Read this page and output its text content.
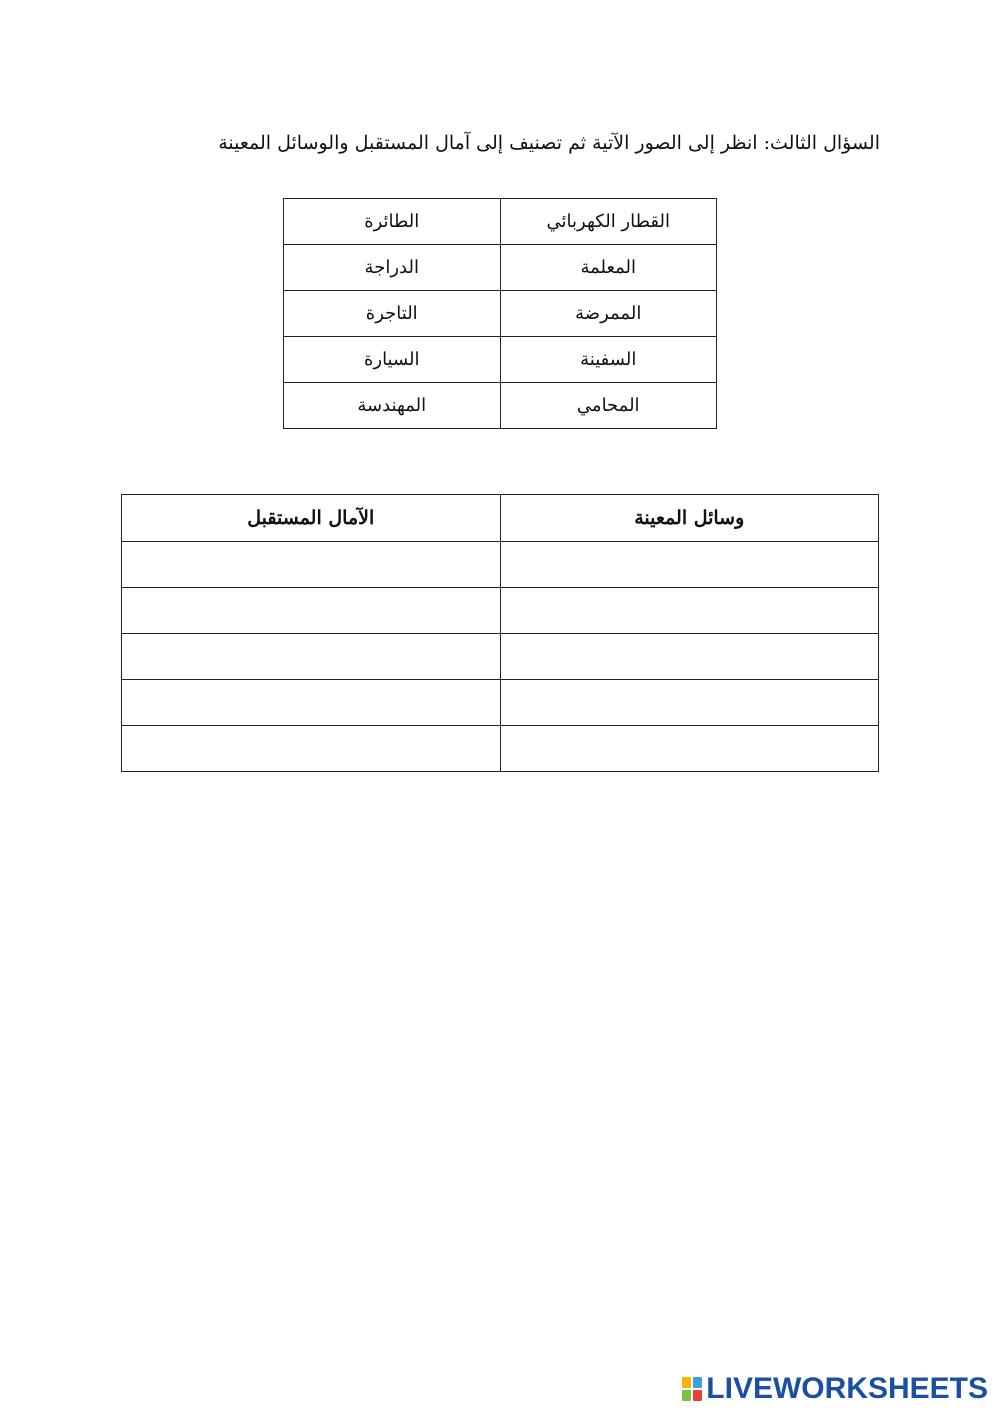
السؤال الثالث: انظر إلى الصور الآتية ثم تصنيف إلى آمال المستقبل والوسائل المعينة
القطار الكهربائي	الطائرة
المعلمة	الدراجة
الممرضة	التاجرة
السفينة	السيارة
المحامي	المهندسة
وسائل المعينة	الآمال المستقبل

LIVEWORKSHEETS
